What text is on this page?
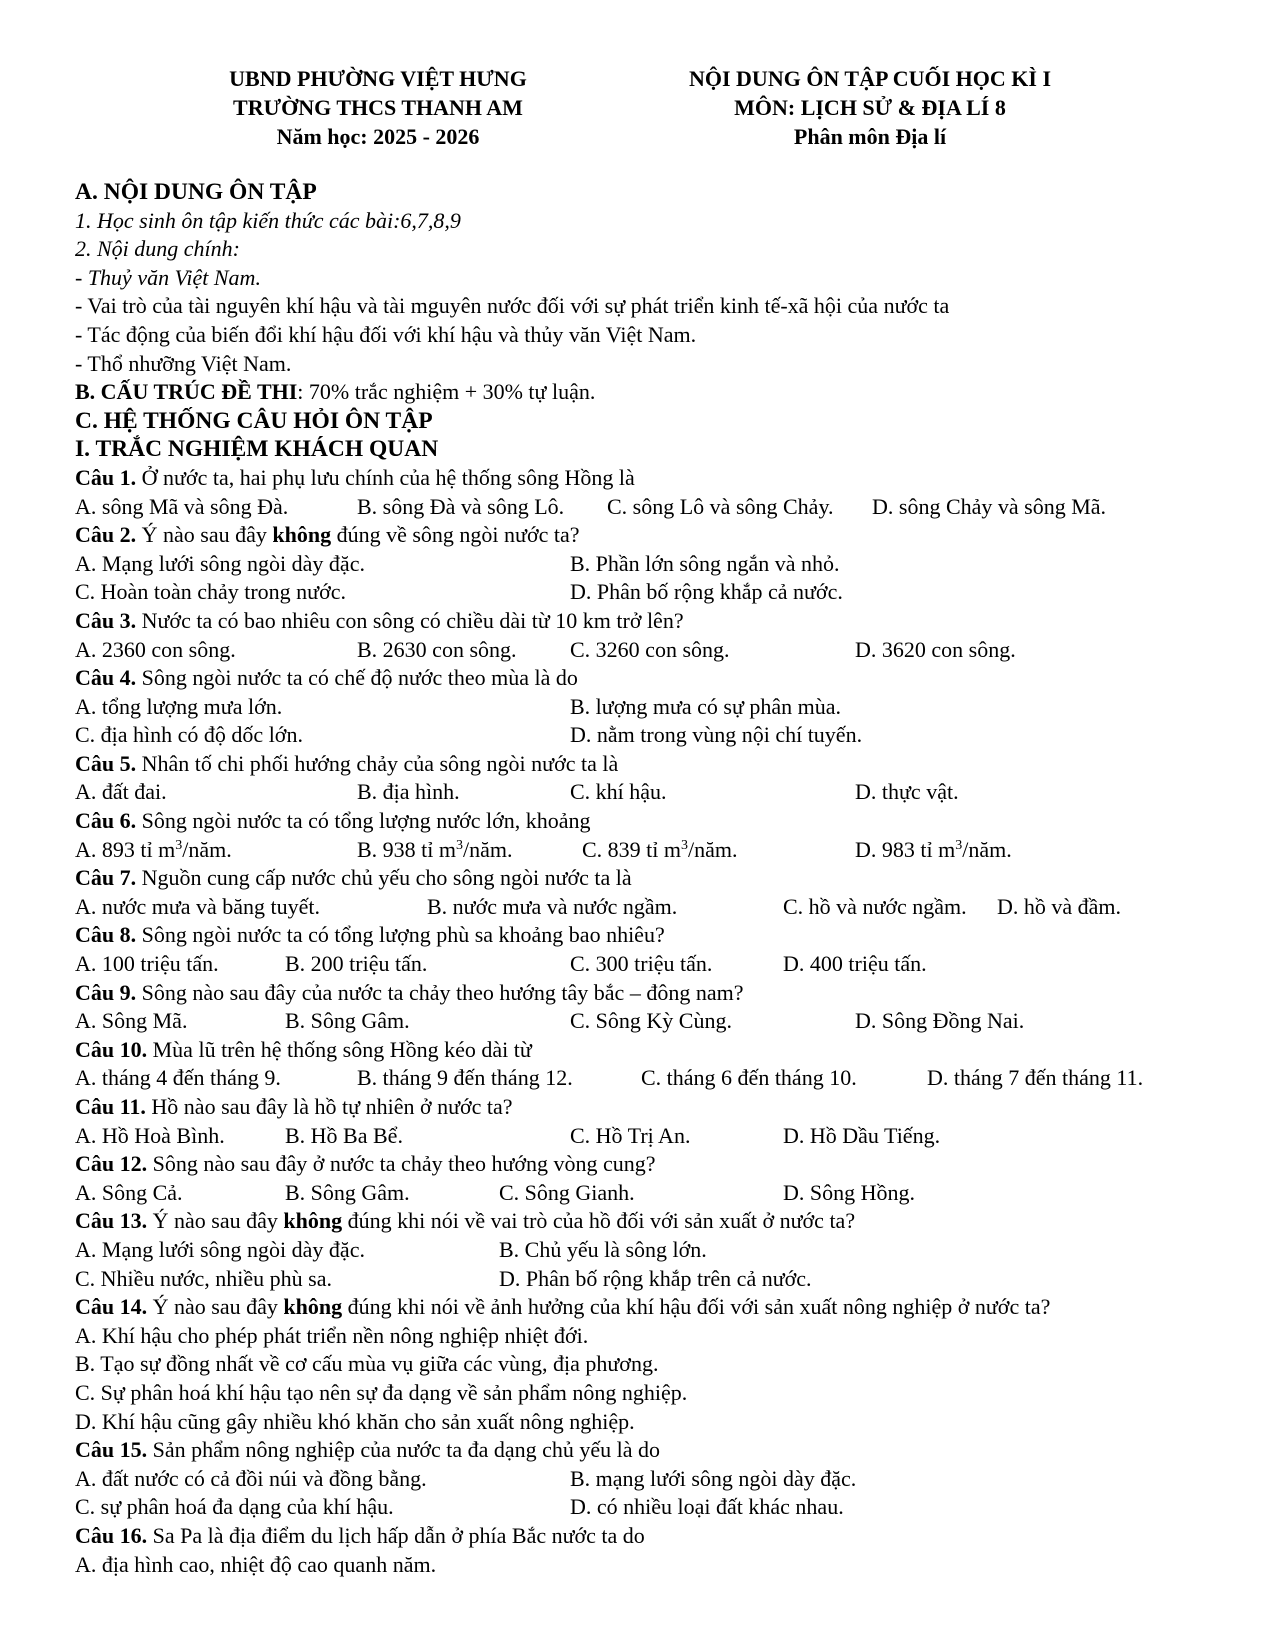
UBND PHƯỜNG VIỆT HƯNG
TRƯỜNG THCS THANH AM
Năm học: 2025 - 2026
NỘI DUNG ÔN TẬP CUỐI HỌC KÌ I
MÔN: LỊCH SỬ & ĐỊA LÍ 8
Phân môn Địa lí
A. NỘI DUNG ÔN TẬP
1. Học sinh ôn tập kiến thức các bài:6,7,8,9
2. Nội dung chính:
- Thuỷ văn Việt Nam.
- Vai trò của tài nguyên khí hậu và tài mguyên nước đối với sự phát triển kinh tế-xã hội của nước ta
- Tác động của biến đổi khí hậu đối với khí hậu và thủy văn Việt Nam.
- Thổ nhưỡng Việt Nam.
B. CẤU TRÚC ĐỀ THI: 70% trắc nghiệm + 30% tự luận.
C. HỆ THỐNG CÂU HỎI ÔN TẬP
I. TRẮC NGHIỆM KHÁCH QUAN
Câu 1. Ở nước ta, hai phụ lưu chính của hệ thống sông Hồng là
A. sông Mã và sông Đà.	B. sông Đà và sông Lô. C. sông Lô và sông Chảy. D. sông Chảy và sông Mã.
Câu 2. Ý nào sau đây không đúng về sông ngòi nước ta?
A. Mạng lưới sông ngòi dày đặc.	B. Phần lớn sông ngắn và nhỏ.
C. Hoàn toàn chảy trong nước.	D. Phân bố rộng khắp cả nước.
Câu 3. Nước ta có bao nhiêu con sông có chiều dài từ 10 km trở lên?
A. 2360 con sông.	B. 2630 con sông. C. 3260 con sông.	D. 3620 con sông.
Câu 4. Sông ngòi nước ta có chế độ nước theo mùa là do
A. tổng lượng mưa lớn.	B. lượng mưa có sự phân mùa.
C. địa hình có độ dốc lớn.	D. nằm trong vùng nội chí tuyến.
Câu 5. Nhân tố chi phối hướng chảy của sông ngòi nước ta là
A. đất đai.	B. địa hình.	C. khí hậu.	D. thực vật.
Câu 6. Sông ngòi nước ta có tổng lượng nước lớn, khoảng
A. 893 tỉ $m^3$/năm.	B. 938 tỉ $m^3$/năm.	C. 839 tỉ $m^3$/năm.	D. 983 tỉ $m^3$/năm.
Câu 7. Nguồn cung cấp nước chủ yếu cho sông ngòi nước ta là
A. nước mưa và băng tuyết.	B. nước mưa và nước ngầm.	C. hồ và nước ngầm. D. hồ và đầm.
Câu 8. Sông ngòi nước ta có tổng lượng phù sa khoảng bao nhiêu?
A. 100 triệu tấn.	B. 200 triệu tấn.	C. 300 triệu tấn.	D. 400 triệu tấn.
Câu 9. Sông nào sau đây của nước ta chảy theo hướng tây bắc – đông nam?
A. Sông Mã.	B. Sông Gâm.	C. Sông Kỳ Cùng.	D. Sông Đồng Nai.
Câu 10. Mùa lũ trên hệ thống sông Hồng kéo dài từ
A. tháng 4 đến tháng 9.	B. tháng 9 đến tháng 12.	C. tháng 6 đến tháng 10.	D. tháng 7 đến tháng 11.
Câu 11. Hồ nào sau đây là hồ tự nhiên ở nước ta?
A. Hồ Hoà Bình.	B. Hồ Ba Bể.	C. Hồ Trị An.	D. Hồ Dầu Tiếng.
Câu 12. Sông nào sau đây ở nước ta chảy theo hướng vòng cung?
A. Sông Cả.	B. Sông Gâm.	C. Sông Gianh.	D. Sông Hồng.
Câu 13. Ý nào sau đây không đúng khi nói về vai trò của hồ đối với sản xuất ở nước ta?
A. Mạng lưới sông ngòi dày đặc.	B. Chủ yếu là sông lớn.
C. Nhiều nước, nhiều phù sa.	D. Phân bố rộng khắp trên cả nước.
Câu 14. Ý nào sau đây không đúng khi nói về ảnh hưởng của khí hậu đối với sản xuất nông nghiệp ở nước ta?
A. Khí hậu cho phép phát triển nền nông nghiệp nhiệt đới.
B. Tạo sự đồng nhất về cơ cấu mùa vụ giữa các vùng, địa phương.
C. Sự phân hoá khí hậu tạo nên sự đa dạng về sản phẩm nông nghiệp.
D. Khí hậu cũng gây nhiều khó khăn cho sản xuất nông nghiệp.
Câu 15. Sản phẩm nông nghiệp của nước ta đa dạng chủ yếu là do
A. đất nước có cả đồi núi và đồng bằng.	B. mạng lưới sông ngòi dày đặc.
C. sự phân hoá đa dạng của khí hậu.	D. có nhiều loại đất khác nhau.
Câu 16. Sa Pa là địa điểm du lịch hấp dẫn ở phía Bắc nước ta do
A. địa hình cao, nhiệt độ cao quanh năm.
